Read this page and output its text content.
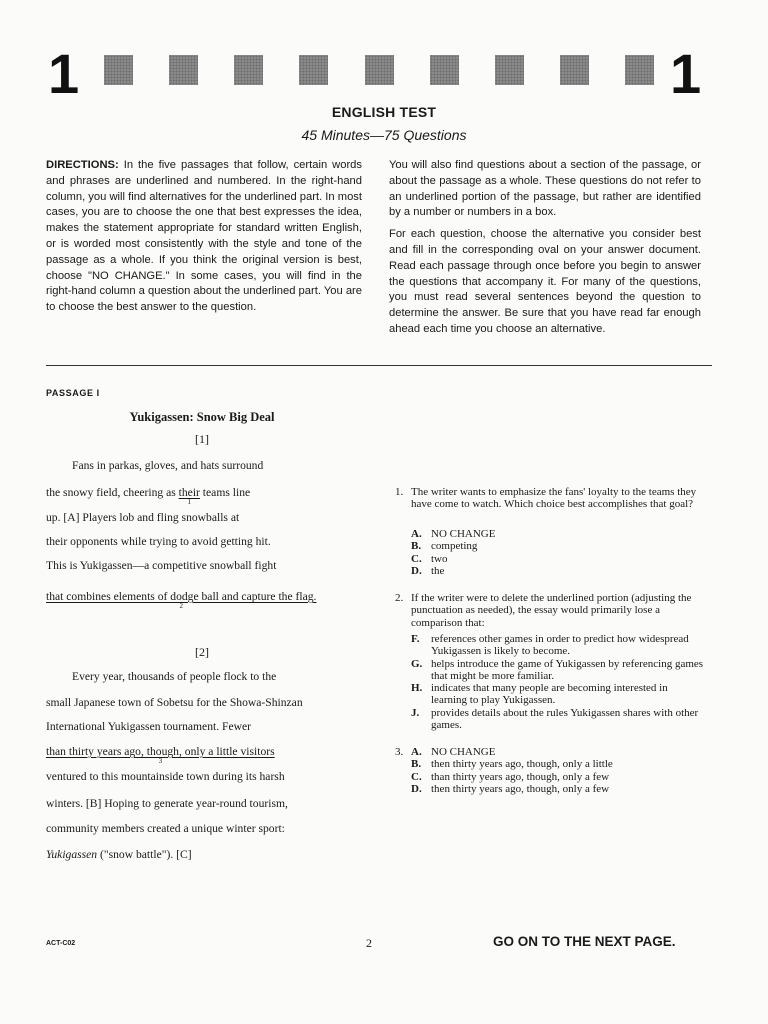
1	1
ENGLISH TEST
45 Minutes—75 Questions

DIRECTIONS: In the five passages that follow, certain words and phrases are underlined and numbered. In the right-hand column, you will find alternatives for the underlined part. In most cases, you are to choose the one that best expresses the idea, makes the statement appropriate for standard written English, or is worded most consistently with the style and tone of the passage as a whole. If you think the original version is best, choose "NO CHANGE." In some cases, you will find in the right-hand column a question about the underlined part. You are to choose the best answer to the question.

You will also find questions about a section of the passage, or about the passage as a whole. These questions do not refer to an underlined portion of the passage, but rather are identified by a number or numbers in a box.

For each question, choose the alternative you consider best and fill in the corresponding oval on your answer document. Read each passage through once before you begin to answer the questions that accompany it. For many of the questions, you must read several sentences beyond the question to determine the answer. Be sure that you have read far enough ahead each time you choose an alternative.

PASSAGE I
Yukigassen: Snow Big Deal
[1]
Fans in parkas, gloves, and hats surround
the snowy field, cheering as their
1
teams line
up. [A] Players lob and fling snowballs at
their opponents while trying to avoid getting hit.
This is Yukigassen—a competitive snowball fight
that combines elements of dodge ball and capture the flag.
2
[2]
Every year, thousands of people flock to the
small Japanese town of Sobetsu for the Showa-Shinzan
International Yukigassen tournament. Fewer
than thirty years ago, though, only a little visitors
3
ventured to this mountainside town during its harsh
winters. [B] Hoping to generate year-round tourism,
community members created a unique winter sport:
Yukigassen ("snow battle"). [C]
1. The writer wants to emphasize the fans' loyalty to the teams they have come to watch. Which choice best accomplishes that goal?
A. NO CHANGE
B. competing
C. two
D. the
2. If the writer were to delete the underlined portion (adjusting the punctuation as needed), the essay would primarily lose a comparison that:
F.	references other games in order to predict how widespread Yukigassen is likely to become.
G. helps introduce the game of Yukigassen by referencing games that might be more familiar.
H. indicates that many people are becoming interested in learning to play Yukigassen.
J.	provides details about the rules Yukigassen shares with other games.
3. A. NO CHANGE
B. then thirty years ago, though, only a little
C. than thirty years ago, though, only a few
D. then thirty years ago, though, only a few
ACT-C02	2	GO ON TO THE NEXT PAGE.
